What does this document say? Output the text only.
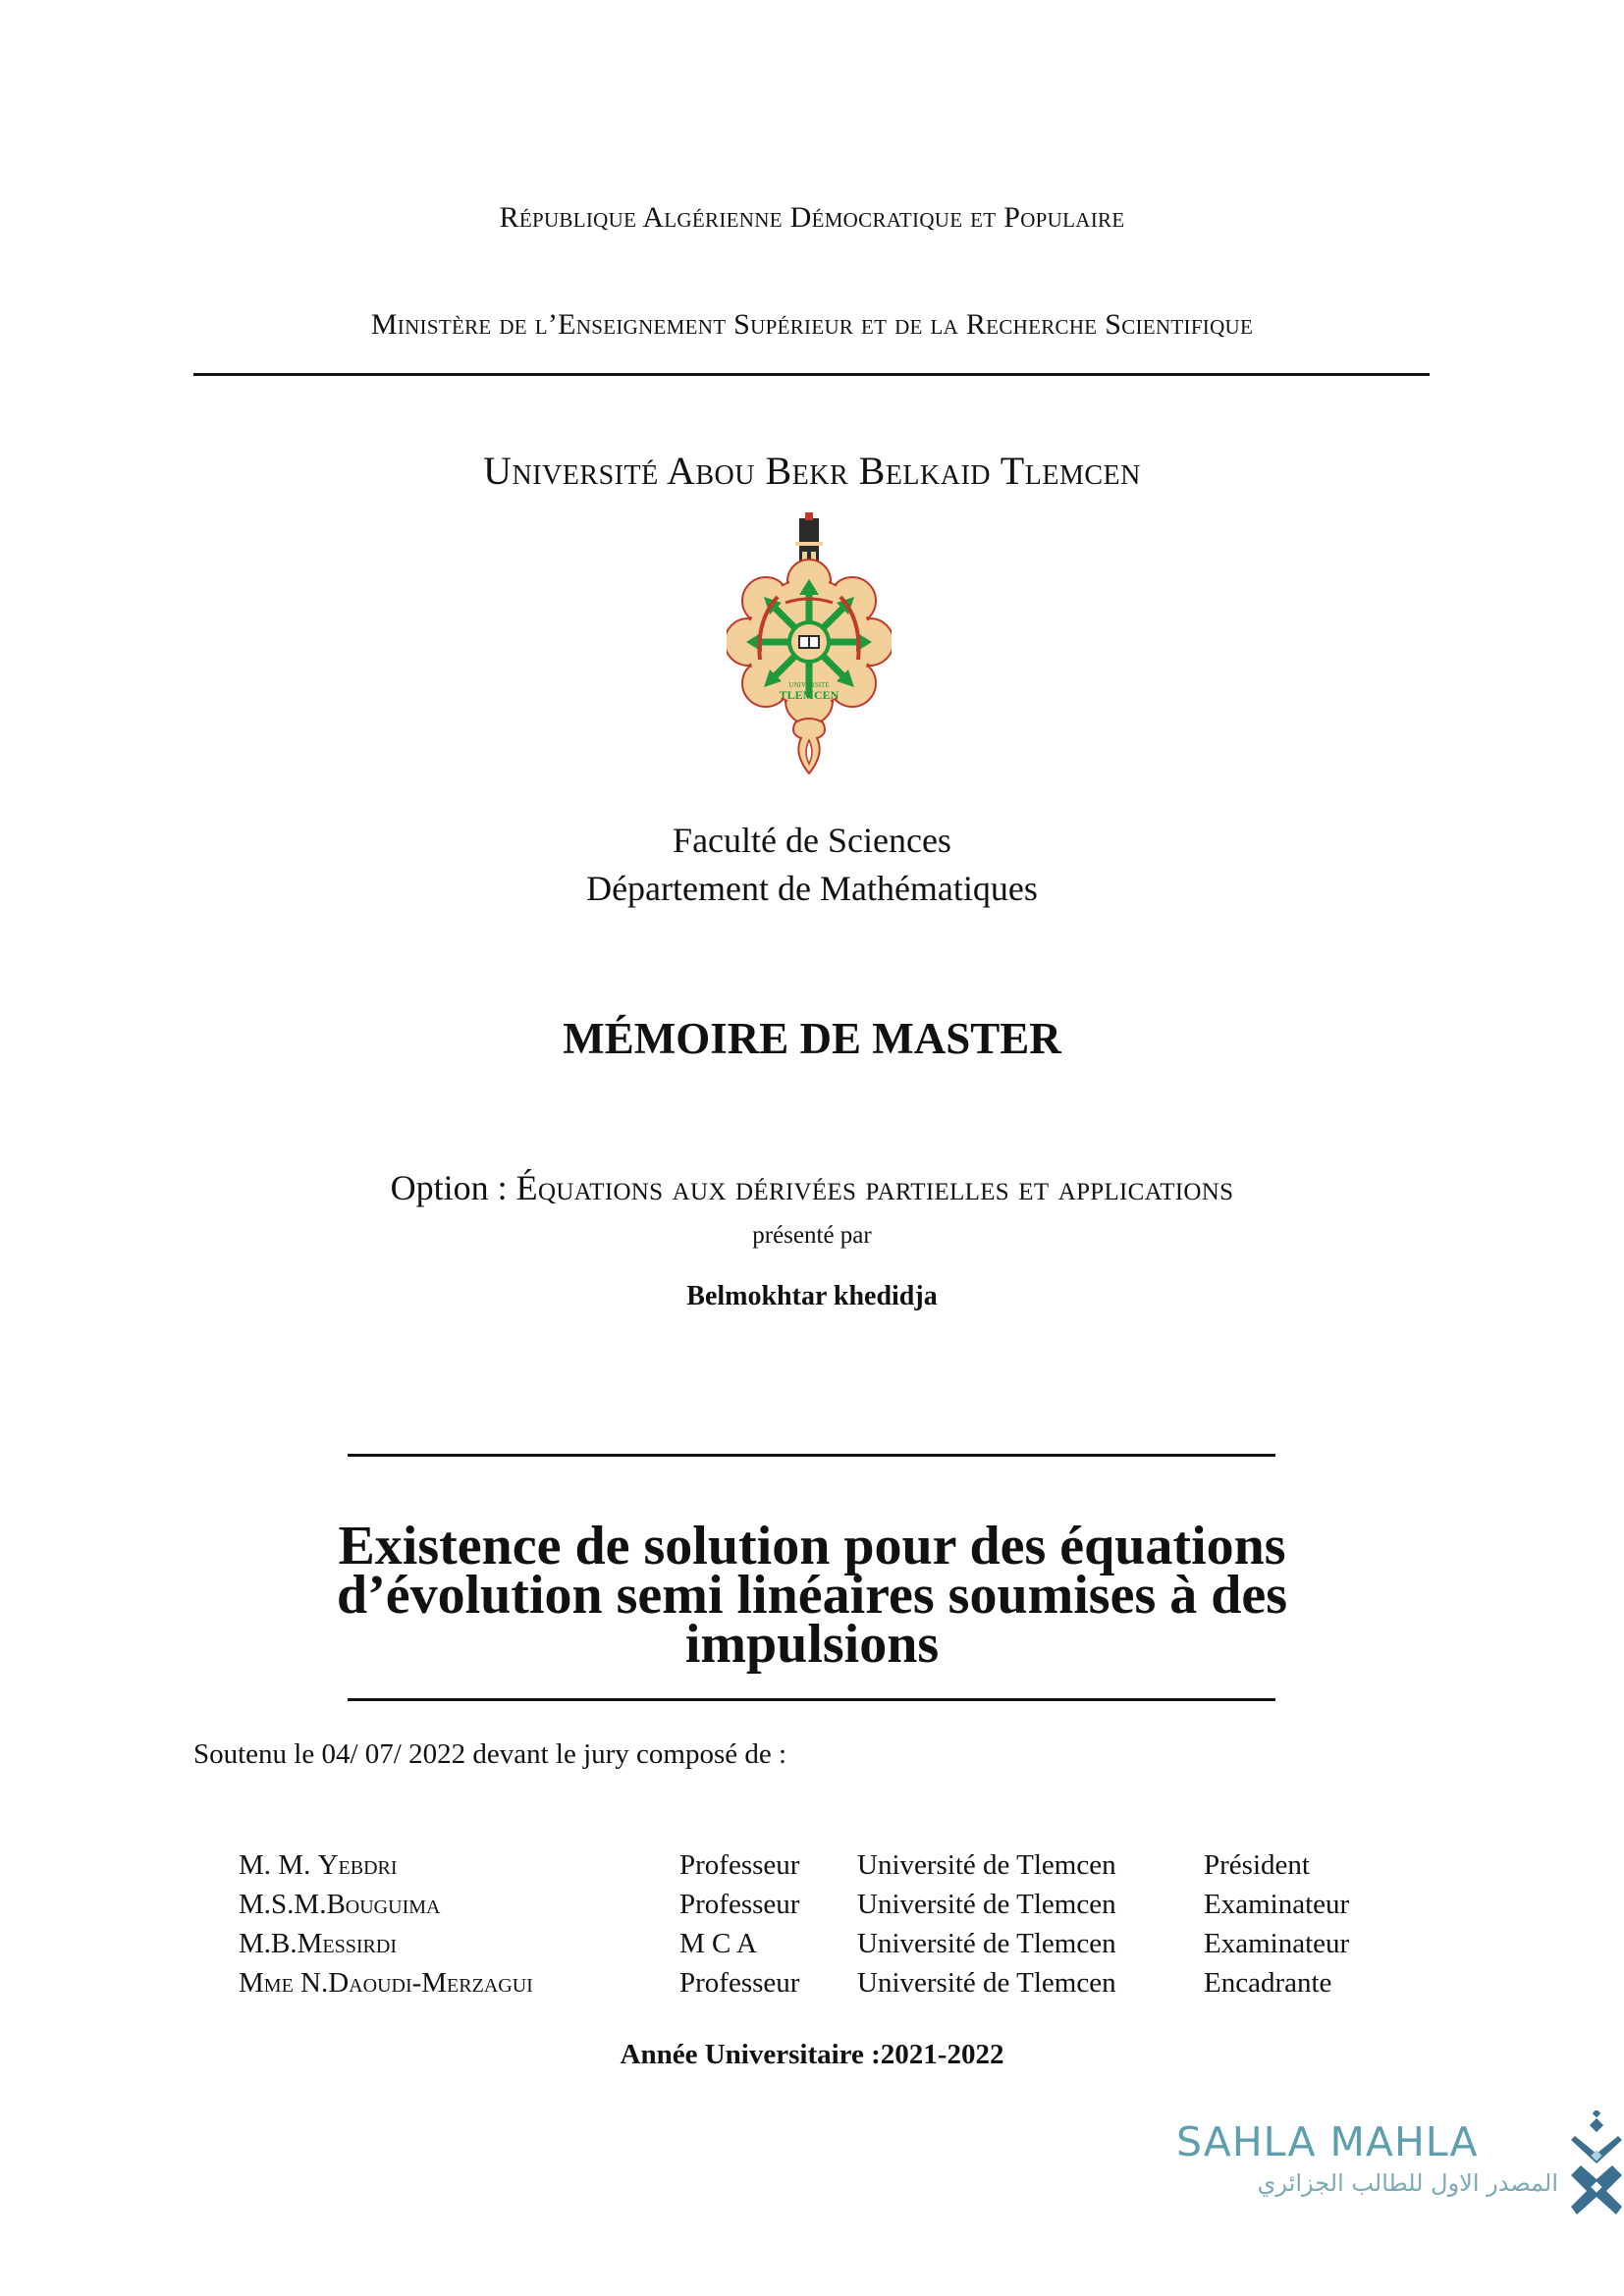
République Algérienne Démocratique et Populaire
Ministère de l’Enseignement Supérieur et de la Recherche Scientifique
Université Abou Bekr Belkaid Tlemcen
UNIVERSITE
TLEMCEN
Faculté de Sciences
Département de Mathématiques
MÉMOIRE DE MASTER
Option : Équations aux dérivées partielles et applications
présenté par
Belmokhtar khedidja
Existence de solution pour des équations
d’évolution semi linéaires soumises à des
impulsions
Soutenu le 04/ 07/ 2022 devant le jury composé de :
M. M. Yebdri	Professeur	Université de Tlemcen	Président
M.S.M.Bouguima	Professeur	Université de Tlemcen	Examinateur
M.B.Messirdi	M C A	Université de Tlemcen	Examinateur
Mme N.Daoudi-Merzagui	Professeur	Université de Tlemcen	Encadrante
Année Universitaire :2021-2022
SAHLA MAHLA
المصدر الاول للطالب الجزائري
